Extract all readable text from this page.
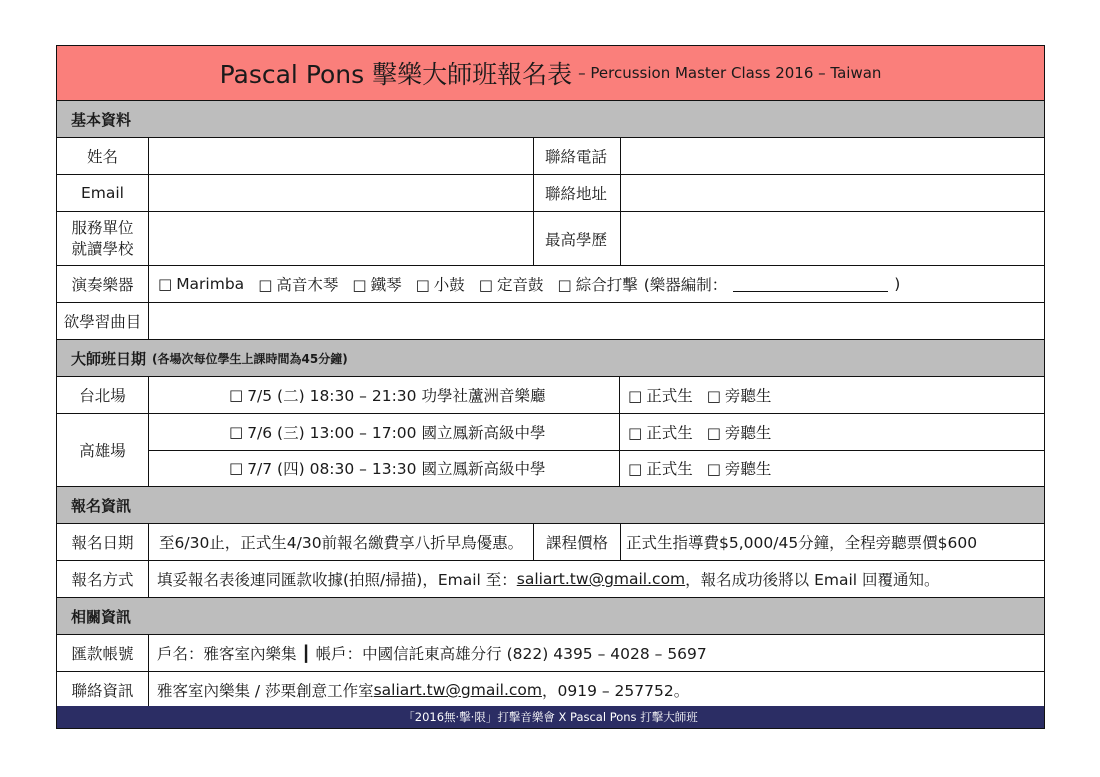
Pascal Pons 擊樂大師班報名表 – Percussion Master Class 2016 – Taiwan
基本資料
姓名	聯絡電話
Email	聯絡地址
服務單位
就讀學校	最高學歷
演奏樂器	□ Marimba □ 高音木琴 □ 鐵琴 □ 小鼓 □ 定音鼓 □ 綜合打擊 (樂器編制：	)
欲學習曲目
大師班日期 (各場次每位學生上課時間為45分鐘)
台北場	□ 7/5 (二) 18:30 – 21:30 功學社蘆洲音樂廳	□ 正式生 □ 旁聽生
高雄場
□ 7/6 (三) 13:00 – 17:00 國立鳳新高級中學	□ 正式生 □ 旁聽生
□ 7/7 (四) 08:30 – 13:30 國立鳳新高級中學	□ 正式生 □ 旁聽生
報名資訊
報名日期	至6/30止，正式生4/30前報名繳費享八折早鳥優惠。	課程價格	正式生指導費$5,000/45分鐘，全程旁聽票價$600
報名方式	填妥報名表後連同匯款收據(拍照/掃描)，Email 至： saliart.tw@gmail.com ，報名成功後將以 Email 回覆通知。
相關資訊
匯款帳號	戶名：雅客室內樂集 ┃ 帳戶：中國信託東高雄分行 (822) 4395 – 4028 – 5697
聯絡資訊	雅客室內樂集 / 莎栗創意工作室 saliart.tw@gmail.com ，0919 – 257752。
「2016無·擊·限」打擊音樂會 X Pascal Pons 打擊大師班
